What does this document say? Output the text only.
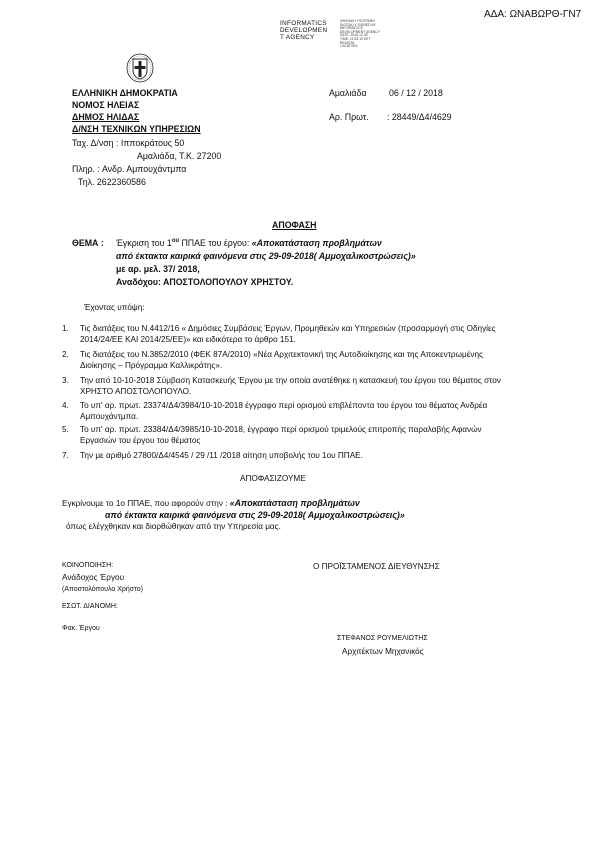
ΑΔΑ: ΩΝΑΒΩΡΘ-ΓΝ7
INFORMATICS
DEVELOPMEN
T AGENCY
ΨΗΦΙΑΚΗ ΥΠΟΓΡΑΦΗ
DIGITALLY SIGNED BY
INFORMATICS
DEVELOPMENT AGENCY
DATE: 2018.12.06
TIME: 11:53:10 EET
REASON:
LOCATION:
ΕΛΛΗΝΙΚΗ ΔΗΜΟΚΡΑΤΙΑ
ΝΟΜΟΣ ΗΛΕΙΑΣ
ΔΗΜΟΣ ΗΛΙΔΑΣ
Δ/ΝΣΗ ΤΕΧΝΙΚΩΝ ΥΠΗΡΕΣΙΩΝ
Ταχ. Δ/νση : Ιπποκράτους 50
Αμαλιάδα, Τ.Κ. 27200
Πληρ. : Ανδρ. Αμπουχάντμπα
Τηλ. 2622360586
Αμαλιάδα	06 / 12 / 2018
Αρ. Πρωτ. : 28449/Δ4/4629
ΑΠΟΦΑΣΗ
ΘΕΜΑ : Έγκριση του $1^{o\upsilon}$ ΠΠΑΕ του έργου: «Αποκατάσταση προβλημάτων
από έκτακτα καιρικά φαινόμενα στις 29-09-2018( Αμμοχαλικοστρώσεις)»
με αρ. μελ. 37/ 2018,
Αναδόχου: ΑΠΟΣΤΟΛΟΠΟΥΛΟΥ ΧΡΗΣΤΟΥ.
Έχοντας υπόψη:
1.	Τις διατάξεις του Ν.4412/16 « Δημόσιες Συμβάσεις Έργων, Προμηθειών και Υπηρεσιών (προσαρμογή στις Οδηγίες 2014/24/ΕΕ ΚΑΙ 2014/25/ΕΕ)» και ειδικότερα το άρθρο 151.
2.	Τις διατάξεις του Ν.3852/2010 (ΦΕΚ 87Α/2010) «Νέα Αρχιτεκτονική της Αυτοδιοίκησης και της Αποκεντρωμένης Διοίκησης – Πρόγραμμα Καλλικράτης».
3.	Την από 10-10-2018 Σύμβαση Κατασκευής Έργου με την οποία ανατέθηκε η κατασκευή του έργου του θέματος στον ΧΡΗΣΤΟ ΑΠΟΣΤΟΛΟΠΟΥΛΟ.
4.	Το υπ' αρ. πρωτ. 23374/Δ4/3984/10-10-2018 έγγραφο περί ορισμού επιβλέποντα του έργου του θέματος Ανδρέα Αμπουχάντμπα.
5.	Το υπ' αρ. πρωτ. 23384/Δ4/3985/10-10-2018, έγγραφο περί ορισμού τριμελούς επιτροπής παραλαβής Αφανών Εργασιών του έργου του θέματος
7.	Την με αριθμό 27800/Δ4/4545 / 29 /11 /2018 αίτηση υποβολής του 1ου ΠΠΑΕ.
ΑΠΟΦΑΣΙΖΟΥΜΕ
Εγκρίνουμε το 1ο ΠΠΑΕ, που αφορούν στην : «Αποκατάσταση προβλημάτων
από έκτακτα καιρικά φαινόμενα στις 29-09-2018( Αμμοχαλικοστρώσεις)»
όπως ελέγχθηκαν και διορθώθηκαν από την Υπηρεσία μας.
ΚΟΙΝΟΠΟΙΗΣΗ:
Ανάδοχος Έργου
(Αποστολόπουλο Χρήστο)
ΕΣΩΤ. ΔΙΑΝΟΜΗ:
Φακ. Έργου
Ο ΠΡΟΪΣΤΑΜΕΝΟΣ ΔΙΕΥΘΥΝΣΗΣ
ΣΤΕΦΑΝΟΣ ΡΟΥΜΕΛΙΩΤΗΣ
Αρχιτέκτων Μηχανικός
